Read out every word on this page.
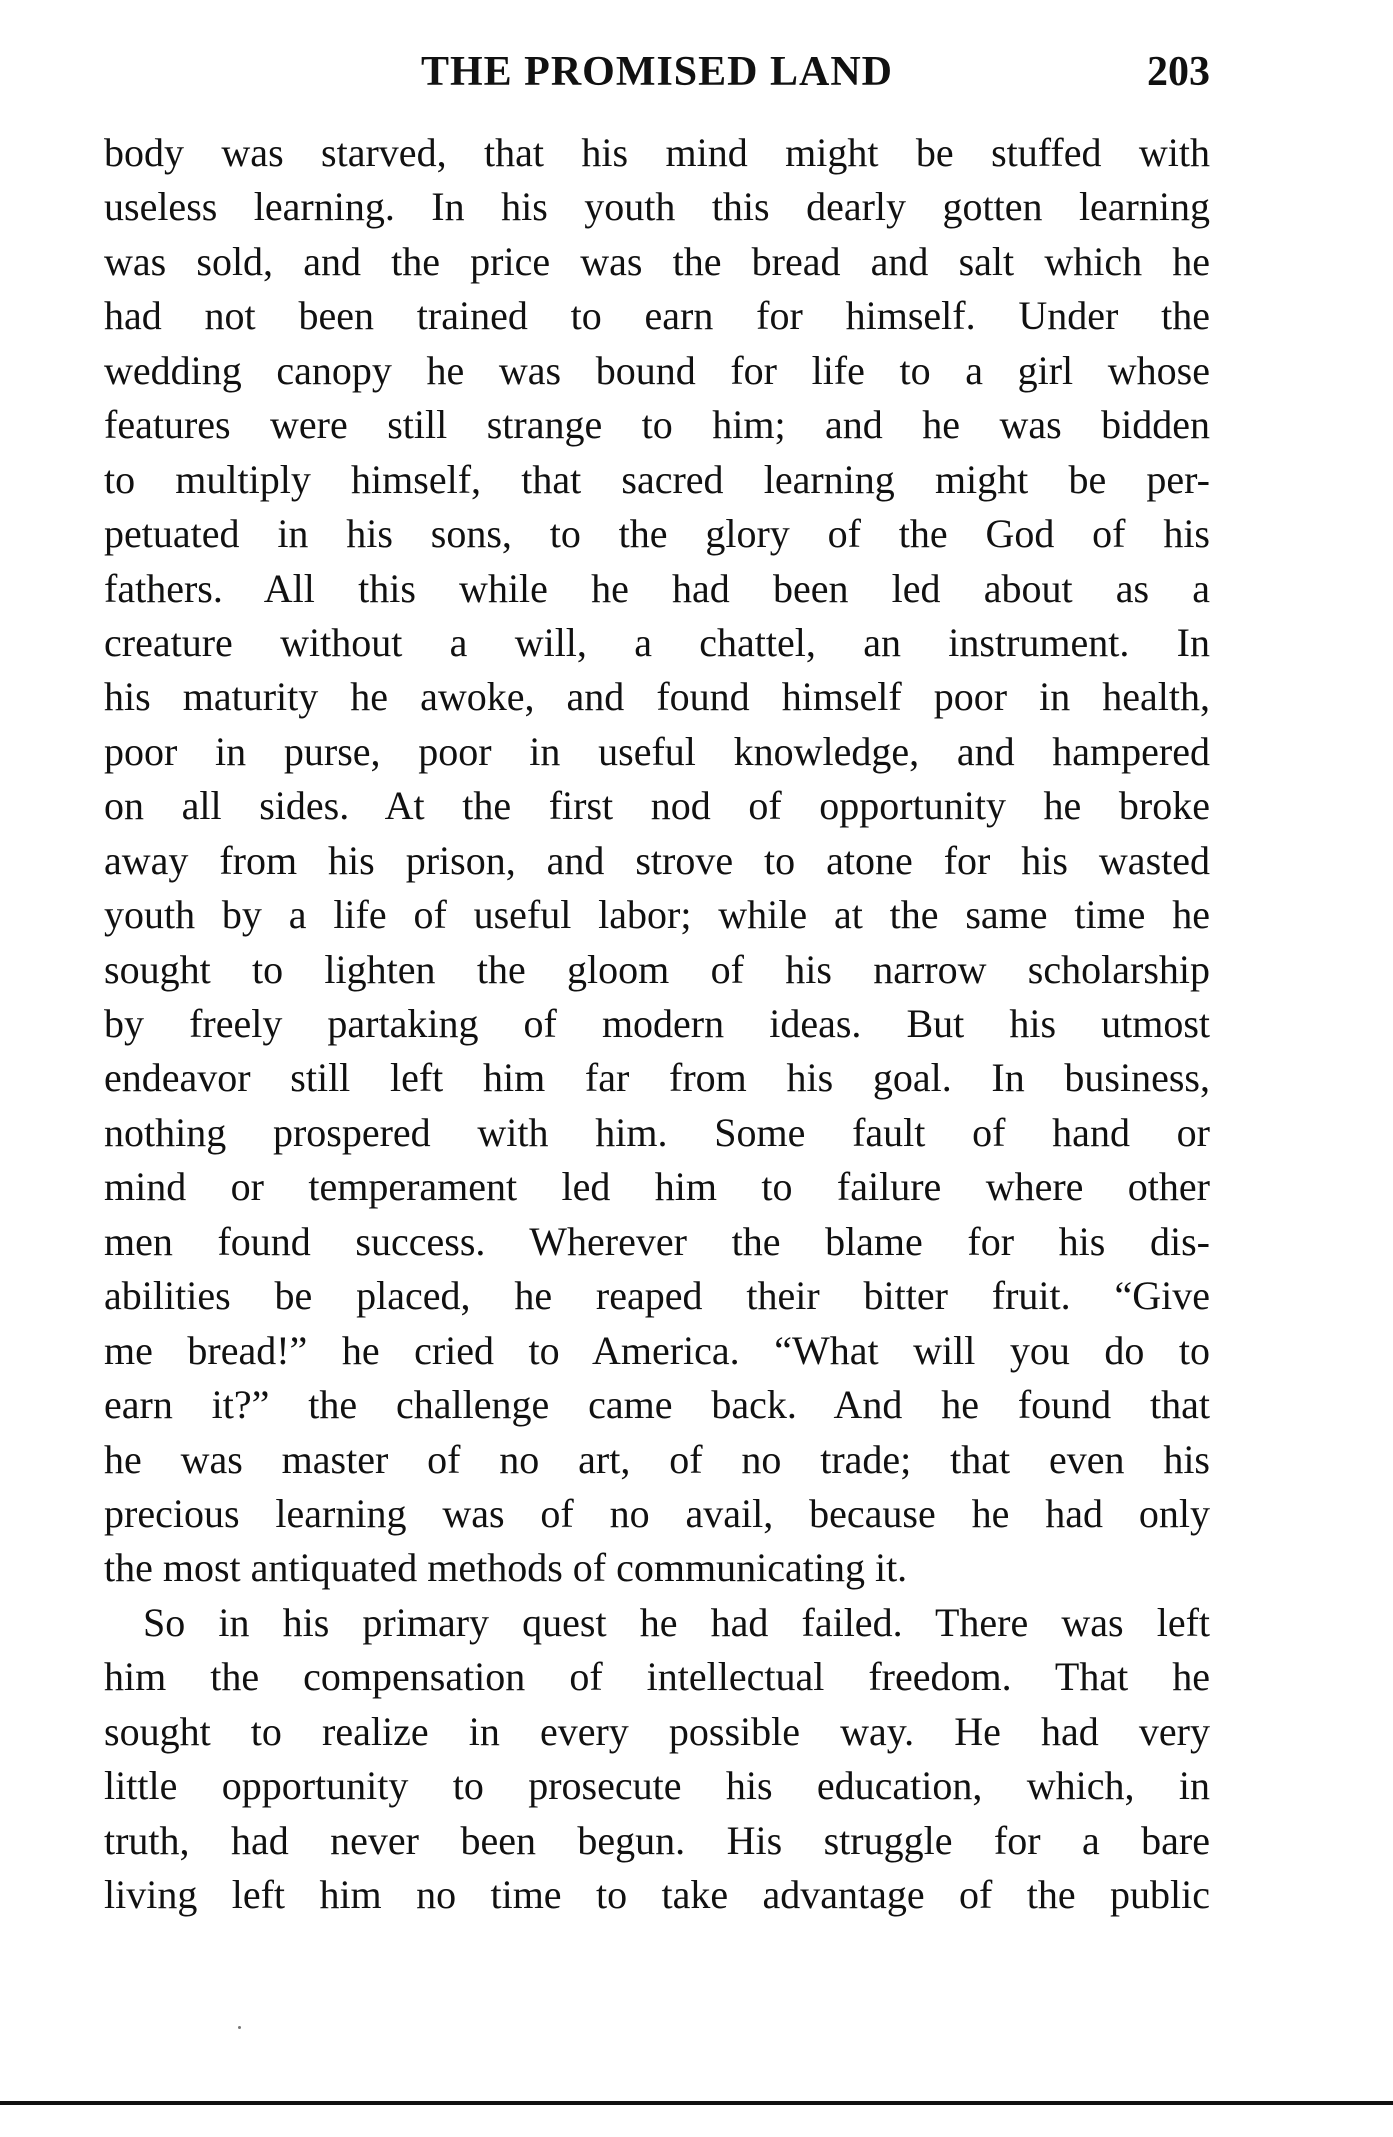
THE PROMISED LAND	203
body was starved, that his mind might be stuffed with
useless learning. In his youth this dearly gotten learning
was sold, and the price was the bread and salt which he
had not been trained to earn for himself. Under the
wedding canopy he was bound for life to a girl whose
features were still strange to him; and he was bidden
to multiply himself, that sacred learning might be per-
petuated in his sons, to the glory of the God of his
fathers. All this while he had been led about as a
creature without a will, a chattel, an instrument. In
his maturity he awoke, and found himself poor in health,
poor in purse, poor in useful knowledge, and hampered
on all sides. At the first nod of opportunity he broke
away from his prison, and strove to atone for his wasted
youth by a life of useful labor; while at the same time he
sought to lighten the gloom of his narrow scholarship
by freely partaking of modern ideas. But his utmost
endeavor still left him far from his goal. In business,
nothing prospered with him. Some fault of hand or
mind or temperament led him to failure where other
men found success. Wherever the blame for his dis-
abilities be placed, he reaped their bitter fruit. “Give
me bread!” he cried to America. “What will you do to
earn it?” the challenge came back. And he found that
he was master of no art, of no trade; that even his
precious learning was of no avail, because he had only
the most antiquated methods of communicating it.
So in his primary quest he had failed. There was left
him the compensation of intellectual freedom. That he
sought to realize in every possible way. He had very
little opportunity to prosecute his education, which, in
truth, had never been begun. His struggle for a bare
living left him no time to take advantage of the public
